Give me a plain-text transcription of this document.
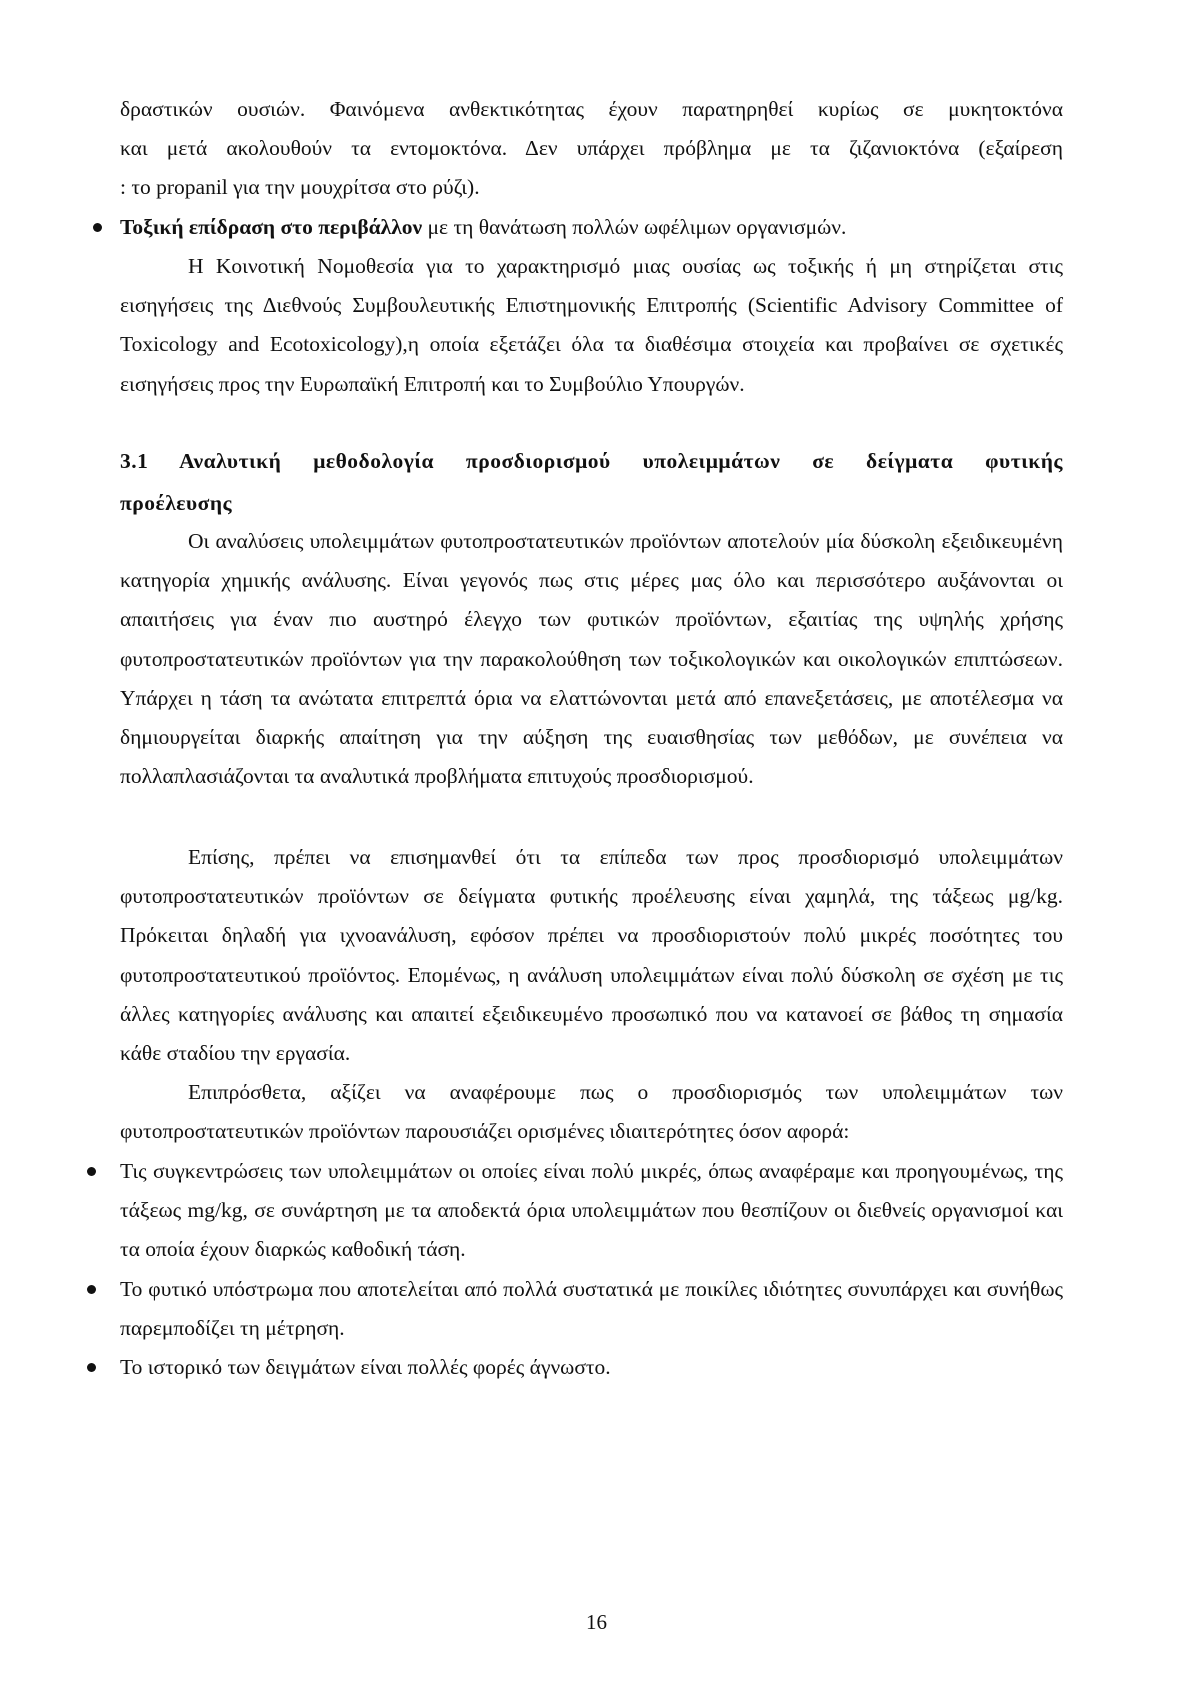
δραστικών ουσιών. Φαινόμενα ανθεκτικότητας έχουν παρατηρηθεί κυρίως σε μυκητοκτόνα

και μετά ακολουθούν τα εντομοκτόνα. Δεν υπάρχει πρόβλημα με τα ζιζανιοκτόνα (εξαίρεση

: το propanil για την μουχρίτσα στο ρύζι).

Τοξική επίδραση στο περιβάλλον με τη θανάτωση πολλών ωφέλιμων οργανισμών.

Η Κοινοτική Νομοθεσία για το χαρακτηρισμό μιας ουσίας ως τοξικής ή μη στηρίζεται στις εισηγήσεις της Διεθνούς Συμβουλευτικής Επιστημονικής Επιτροπής (Scientific Advisory Committee of Toxicology and Ecotoxicology),η οποία εξετάζει όλα τα διαθέσιμα στοιχεία και προβαίνει σε σχετικές εισηγήσεις προς την Ευρωπαϊκή Επιτροπή και το Συμβούλιο Υπουργών.

3.1 Αναλυτική μεθοδολογία προσδιορισμού υπολειμμάτων σε δείγματα φυτικής
προέλευσης

Οι αναλύσεις υπολειμμάτων φυτοπροστατευτικών προϊόντων αποτελούν μία δύσκολη εξειδικευμένη κατηγορία χημικής ανάλυσης. Είναι γεγονός πως στις μέρες μας όλο και περισσότερο αυξάνονται οι απαιτήσεις για έναν πιο αυστηρό έλεγχο των φυτικών προϊόντων, εξαιτίας της υψηλής χρήσης φυτοπροστατευτικών προϊόντων για την παρακολούθηση των τοξικολογικών και οικολογικών επιπτώσεων. Υπάρχει η τάση τα ανώτατα επιτρεπτά όρια να ελαττώνονται μετά από επανεξετάσεις, με αποτέλεσμα να δημιουργείται διαρκής απαίτηση για την αύξηση της ευαισθησίας των μεθόδων, με συνέπεια να πολλαπλασιάζονται τα αναλυτικά προβλήματα επιτυχούς προσδιορισμού.

Επίσης, πρέπει να επισημανθεί ότι τα επίπεδα των προς προσδιορισμό υπολειμμάτων φυτοπροστατευτικών προϊόντων σε δείγματα φυτικής προέλευσης είναι χαμηλά, της τάξεως μg/kg. Πρόκειται δηλαδή για ιχνοανάλυση, εφόσον πρέπει να προσδιοριστούν πολύ μικρές ποσότητες του φυτοπροστατευτικού προϊόντος. Επομένως, η ανάλυση υπολειμμάτων είναι πολύ δύσκολη σε σχέση με τις άλλες κατηγορίες ανάλυσης και απαιτεί εξειδικευμένο προσωπικό που να κατανοεί σε βάθος τη σημασία κάθε σταδίου την εργασία.

Επιπρόσθετα, αξίζει να αναφέρουμε πως ο προσδιορισμός των υπολειμμάτων των φυτοπροστατευτικών προϊόντων παρουσιάζει ορισμένες ιδιαιτερότητες όσον αφορά:

Τις συγκεντρώσεις των υπολειμμάτων οι οποίες είναι πολύ μικρές, όπως αναφέραμε και προηγουμένως, της τάξεως mg/kg, σε συνάρτηση με τα αποδεκτά όρια υπολειμμάτων που θεσπίζουν οι διεθνείς οργανισμοί και τα οποία έχουν διαρκώς καθοδική τάση.
Το φυτικό υπόστρωμα που αποτελείται από πολλά συστατικά με ποικίλες ιδιότητες συνυπάρχει και συνήθως παρεμποδίζει τη μέτρηση.
Το ιστορικό των δειγμάτων είναι πολλές φορές άγνωστο.
16
